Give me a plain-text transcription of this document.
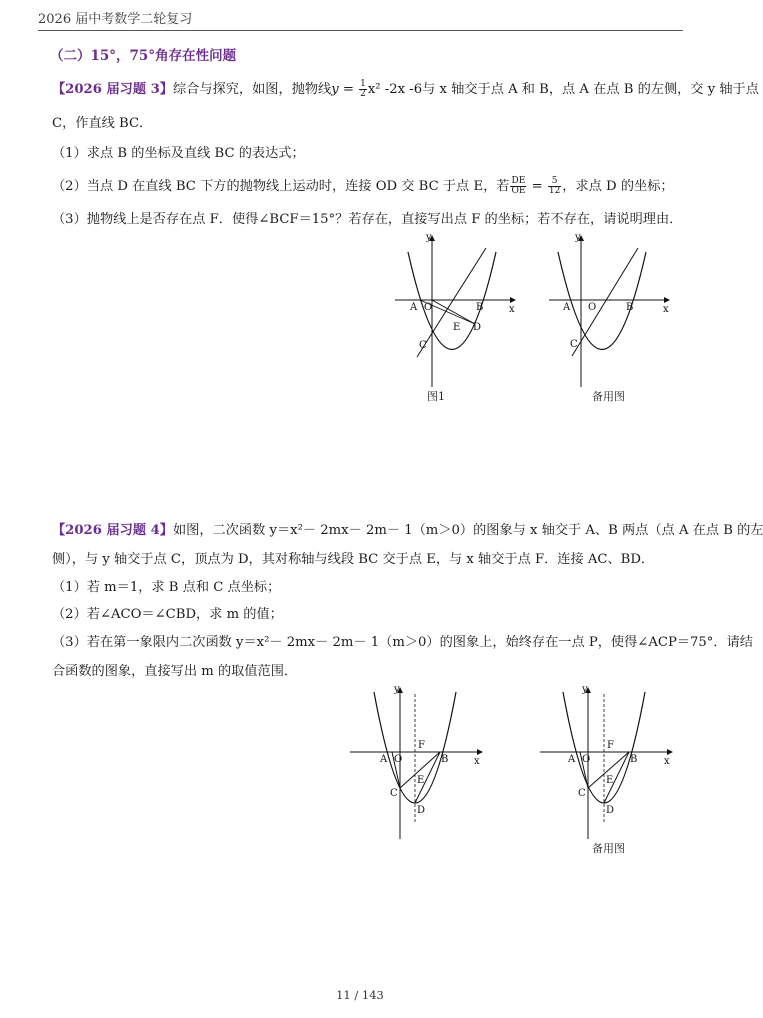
2026 届中考数学二轮复习
（二）15°，75°角存在性问题
【2026 届习题 3】综合与探究，如图，抛物线$y = \frac{1}{2} x^2$ -2x -6与 x 轴交于点 A 和 B，点 A 在点 B 的左侧，交 y 轴于点
C，作直线 BC．
（1）求点 B 的坐标及直线 BC 的表达式；
（2）当点 D 在直线 BC 下方的抛物线上运动时，连接 OD 交 BC 于点 E，若 $\frac{DE}{OE} = \frac{5}{12}$ ，求点 D 的坐标；
（3）抛物线上是否存在点 F．使得∠BCF＝15°？若存在，直接写出点 F 的坐标；若不存在，请说明理由．
y
x
A O	B
C
E D
图1
y
x
A O	B
C
备用图
【2026 届习题 4】如图，二次函数 y＝x²－ 2mx－ 2m－ 1（m＞0）的图象与 x 轴交于 A、B 两点（点 A 在点 B 的左
侧），与 y 轴交于点 C，顶点为 D，其对称轴与线段 BC 交于点 E，与 x 轴交于点 F．连接 AC、BD．
（1）若 m＝1，求 B 点和 C 点坐标；
（2）若∠ACO＝∠CBD，求 m 的值；
（3）若在第一象限内二次函数 y＝x²－ 2mx－ 2m－ 1（m＞0）的图象上，始终存在一点 P，使得∠ACP＝75°．请结
合函数的图象，直接写出 m 的取值范围．
y
x
A O
F
B
C
E
D
y
x
A O
F
B
C
E
D
备用图
11 / 143
